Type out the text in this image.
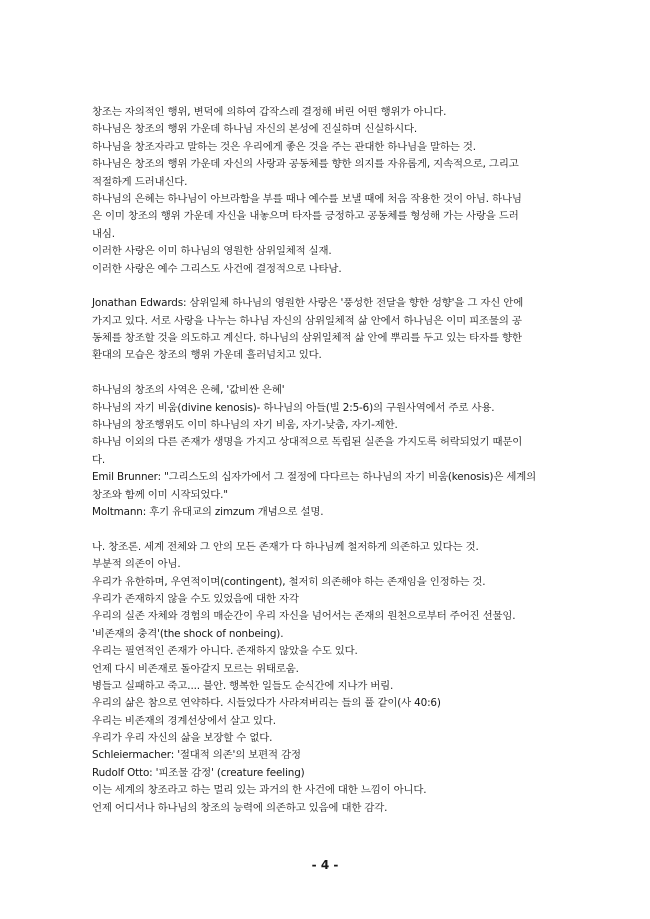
창조는 자의적인 행위, 변덕에 의하여 갑작스레 결정해 버린 어떤 행위가 아니다.
하나님은 창조의 행위 가운데 하나님 자신의 본성에 진실하며 신실하시다.
하나님을 창조자라고 말하는 것은 우리에게 좋은 것을 주는 관대한 하나님을 말하는 것.
하나님은 창조의 행위 가운데 자신의 사랑과 공동체를 향한 의지를 자유롭게, 지속적으로, 그리고
적절하게 드러내신다.
하나님의 은혜는 하나님이 아브라함을 부를 때나 예수를 보낼 때에 처음 작용한 것이 아님. 하나님
은 이미 창조의 행위 가운데 자신을 내놓으며 타자를 긍정하고 공동체를 형성해 가는 사랑을 드러
내심.
이러한 사랑은 이미 하나님의 영원한 삼위일체적 실재.
이러한 사랑은 예수 그리스도 사건에 결정적으로 나타남.
Jonathan Edwards: 삼위일체 하나님의 영원한 사랑은 '풍성한 전달을 향한 성향'을 그 자신 안에
가지고 있다. 서로 사랑을 나누는 하나님 자신의 삼위일체적 삶 안에서 하나님은 이미 피조물의 공
동체를 창조할 것을 의도하고 계신다. 하나님의 삼위일체적 삶 안에 뿌리를 두고 있는 타자를 향한
환대의 모습은 창조의 행위 가운데 흘러넘치고 있다.
하나님의 창조의 사역은 은혜, '값비싼 은혜'
하나님의 자기 비움(divine kenosis)- 하나님의 아들(빌 2:5-6)의 구원사역에서 주로 사용.
하나님의 창조행위도 이미 하나님의 자기 비움, 자기-낮춤, 자기-제한.
하나님 이외의 다른 존재가 생명을 가지고 상대적으로 독립된 실존을 가지도록 허락되었기 때문이
다.
Emil Brunner: "그리스도의 십자가에서 그 절정에 다다르는 하나님의 자기 비움(kenosis)은 세계의
창조와 함께 이미 시작되었다."
Moltmann: 후기 유대교의 zimzum 개념으로 설명.
나. 창조론. 세계 전체와 그 안의 모든 존재가 다 하나님께 철저하게 의존하고 있다는 것.
부분적 의존이 아님.
우리가 유한하며, 우연적이며(contingent), 철저히 의존해야 하는 존재임을 인정하는 것.
우리가 존재하지 않을 수도 있었음에 대한 자각
우리의 실존 자체와 경험의 매순간이 우리 자신을 넘어서는 존재의 원천으로부터 주어진 선물임.
'비존재의 충격'(the shock of nonbeing).
우리는 필연적인 존재가 아니다. 존재하지 않았을 수도 있다.
언제 다시 비존재로 돌아갈지 모르는 위태로움.
병들고 실패하고 죽고.... 불안. 행복한 일들도 순식간에 지나가 버림.
우리의 삶은 참으로 연약하다. 시들었다가 사라져버리는 들의 풀 같이(사 40:6)
우리는 비존재의 경계선상에서 살고 있다.
우리가 우리 자신의 삶을 보장할 수 없다.
Schleiermacher: '절대적 의존'의 보편적 감정
Rudolf Otto: '피조물 감정' (creature feeling)
이는 세계의 창조라고 하는 멀리 있는 과거의 한 사건에 대한 느낌이 아니다.
언제 어디서나 하나님의 창조의 능력에 의존하고 있음에 대한 감각.
- 4 -
